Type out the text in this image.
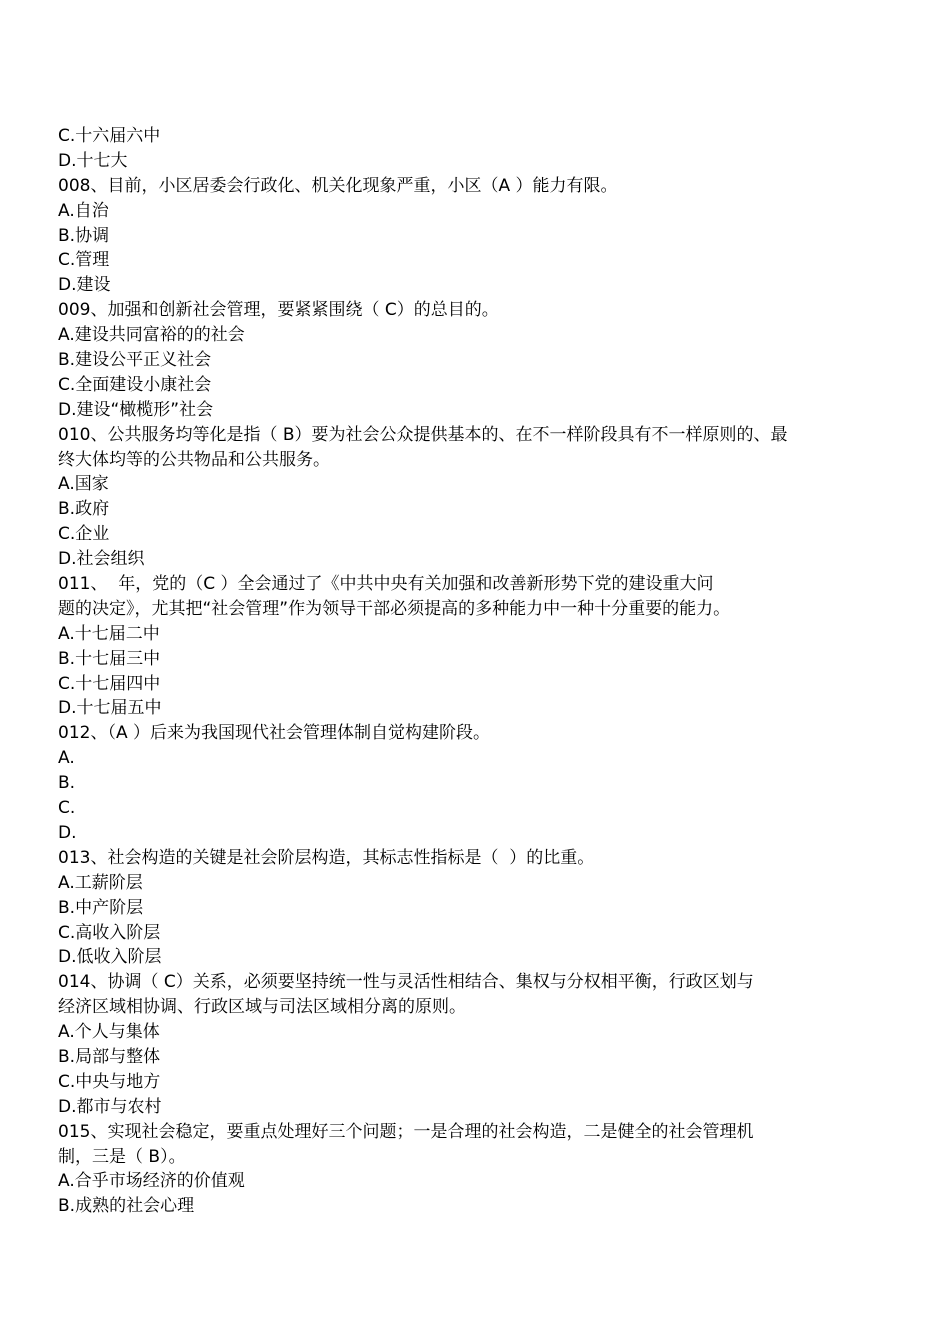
C.十六届六中

D.十七大

008、目前，小区居委会行政化、机关化现象严重，小区（A ）能力有限。

A.自治

B.协调

C.管理

D.建设

009、加强和创新社会管理，要紧紧围绕（ C）的总目的。

A.建设共同富裕的的社会

B.建设公平正义社会

C.全面建设小康社会

D.建设“橄榄形”社会

010、公共服务均等化是指（ B）要为社会公众提供基本的、在不一样阶段具有不一样原则的、最

终大体均等的公共物品和公共服务。

A.国家

B.政府

C.企业

D.社会组织

011、  年，党的（C ）全会通过了《中共中央有关加强和改善新形势下党的建设重大问

题的决定》，尤其把“社会管理”作为领导干部必须提高的多种能力中一种十分重要的能力。

A.十七届二中

B.十七届三中

C.十七届四中

D.十七届五中

012、（A ）后来为我国现代社会管理体制自觉构建阶段。

A.

B.

C.

D.

013、社会构造的关键是社会阶层构造，其标志性指标是（  ）的比重。

A.工薪阶层

B.中产阶层

C.高收入阶层

D.低收入阶层

014、协调（ C）关系，必须要坚持统一性与灵活性相结合、集权与分权相平衡，行政区划与

经济区域相协调、行政区域与司法区域相分离的原则。

A.个人与集体

B.局部与整体

C.中央与地方

D.都市与农村

015、实现社会稳定，要重点处理好三个问题；一是合理的社会构造，二是健全的社会管理机

制，三是（ B）。

A.合乎市场经济的价值观

B.成熟的社会心理
